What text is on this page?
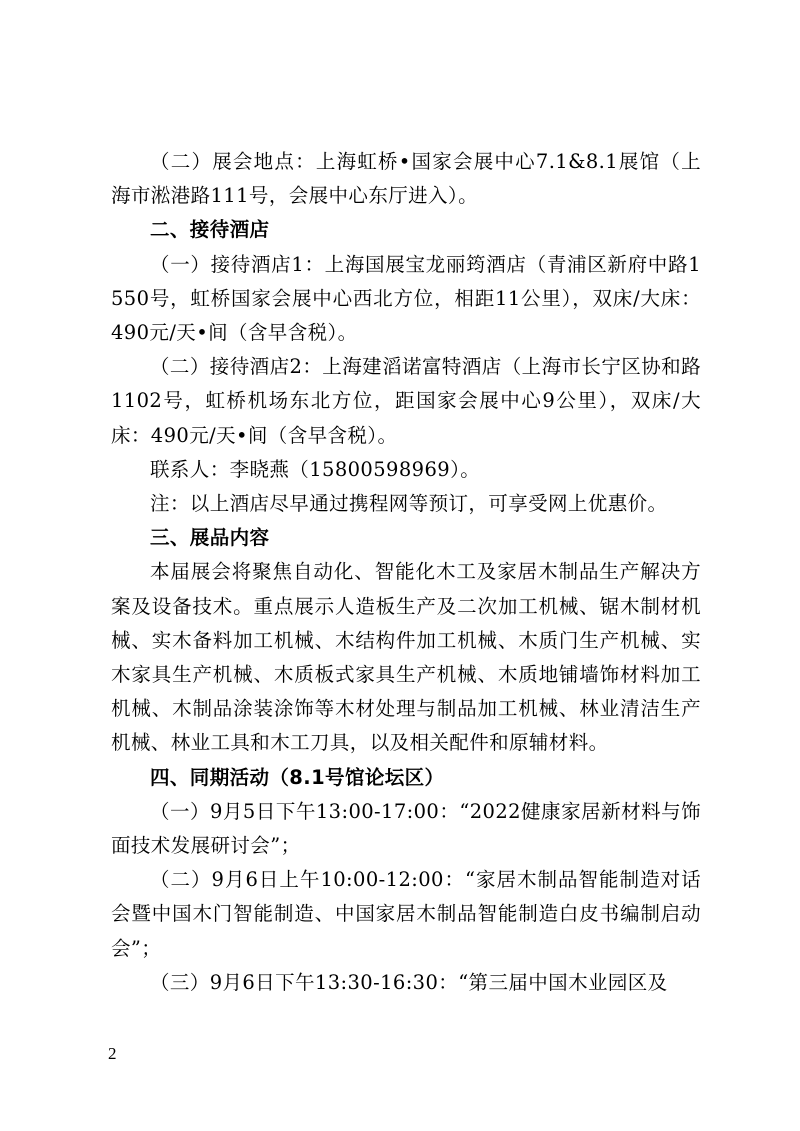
（二）展会地点：上海虹桥•国家会展中心7.1&8.1展馆（上海市淞港路111号，会展中心东厅进入）。

二、接待酒店

（一）接待酒店1：上海国展宝龙丽筠酒店（青浦区新府中路1550号，虹桥国家会展中心西北方位，相距11公里），双床/大床：490元/天•间（含早含税）。

（二）接待酒店2：上海建滔诺富特酒店（上海市长宁区协和路1102号，虹桥机场东北方位，距国家会展中心9公里），双床/大床：490元/天•间（含早含税）。

联系人：李晓燕（15800598969）。

注：以上酒店尽早通过携程网等预订，可享受网上优惠价。

三、展品内容

本届展会将聚焦自动化、智能化木工及家居木制品生产解决方案及设备技术。重点展示人造板生产及二次加工机械、锯木制材机械、实木备料加工机械、木结构件加工机械、木质门生产机械、实木家具生产机械、木质板式家具生产机械、木质地铺墙饰材料加工机械、木制品涂装涂饰等木材处理与制品加工机械、林业清洁生产机械、林业工具和木工刀具，以及相关配件和原辅材料。

四、同期活动（8.1号馆论坛区）

（一）9月5日下午13:00-17:00：“2022健康家居新材料与饰面技术发展研讨会”；

（二）9月6日上午10:00-12:00：“家居木制品智能制造对话会暨中国木门智能制造、中国家居木制品智能制造白皮书编制启动会”；

（三）9月6日下午13:30-16:30：“第三届中国木业园区及

2
